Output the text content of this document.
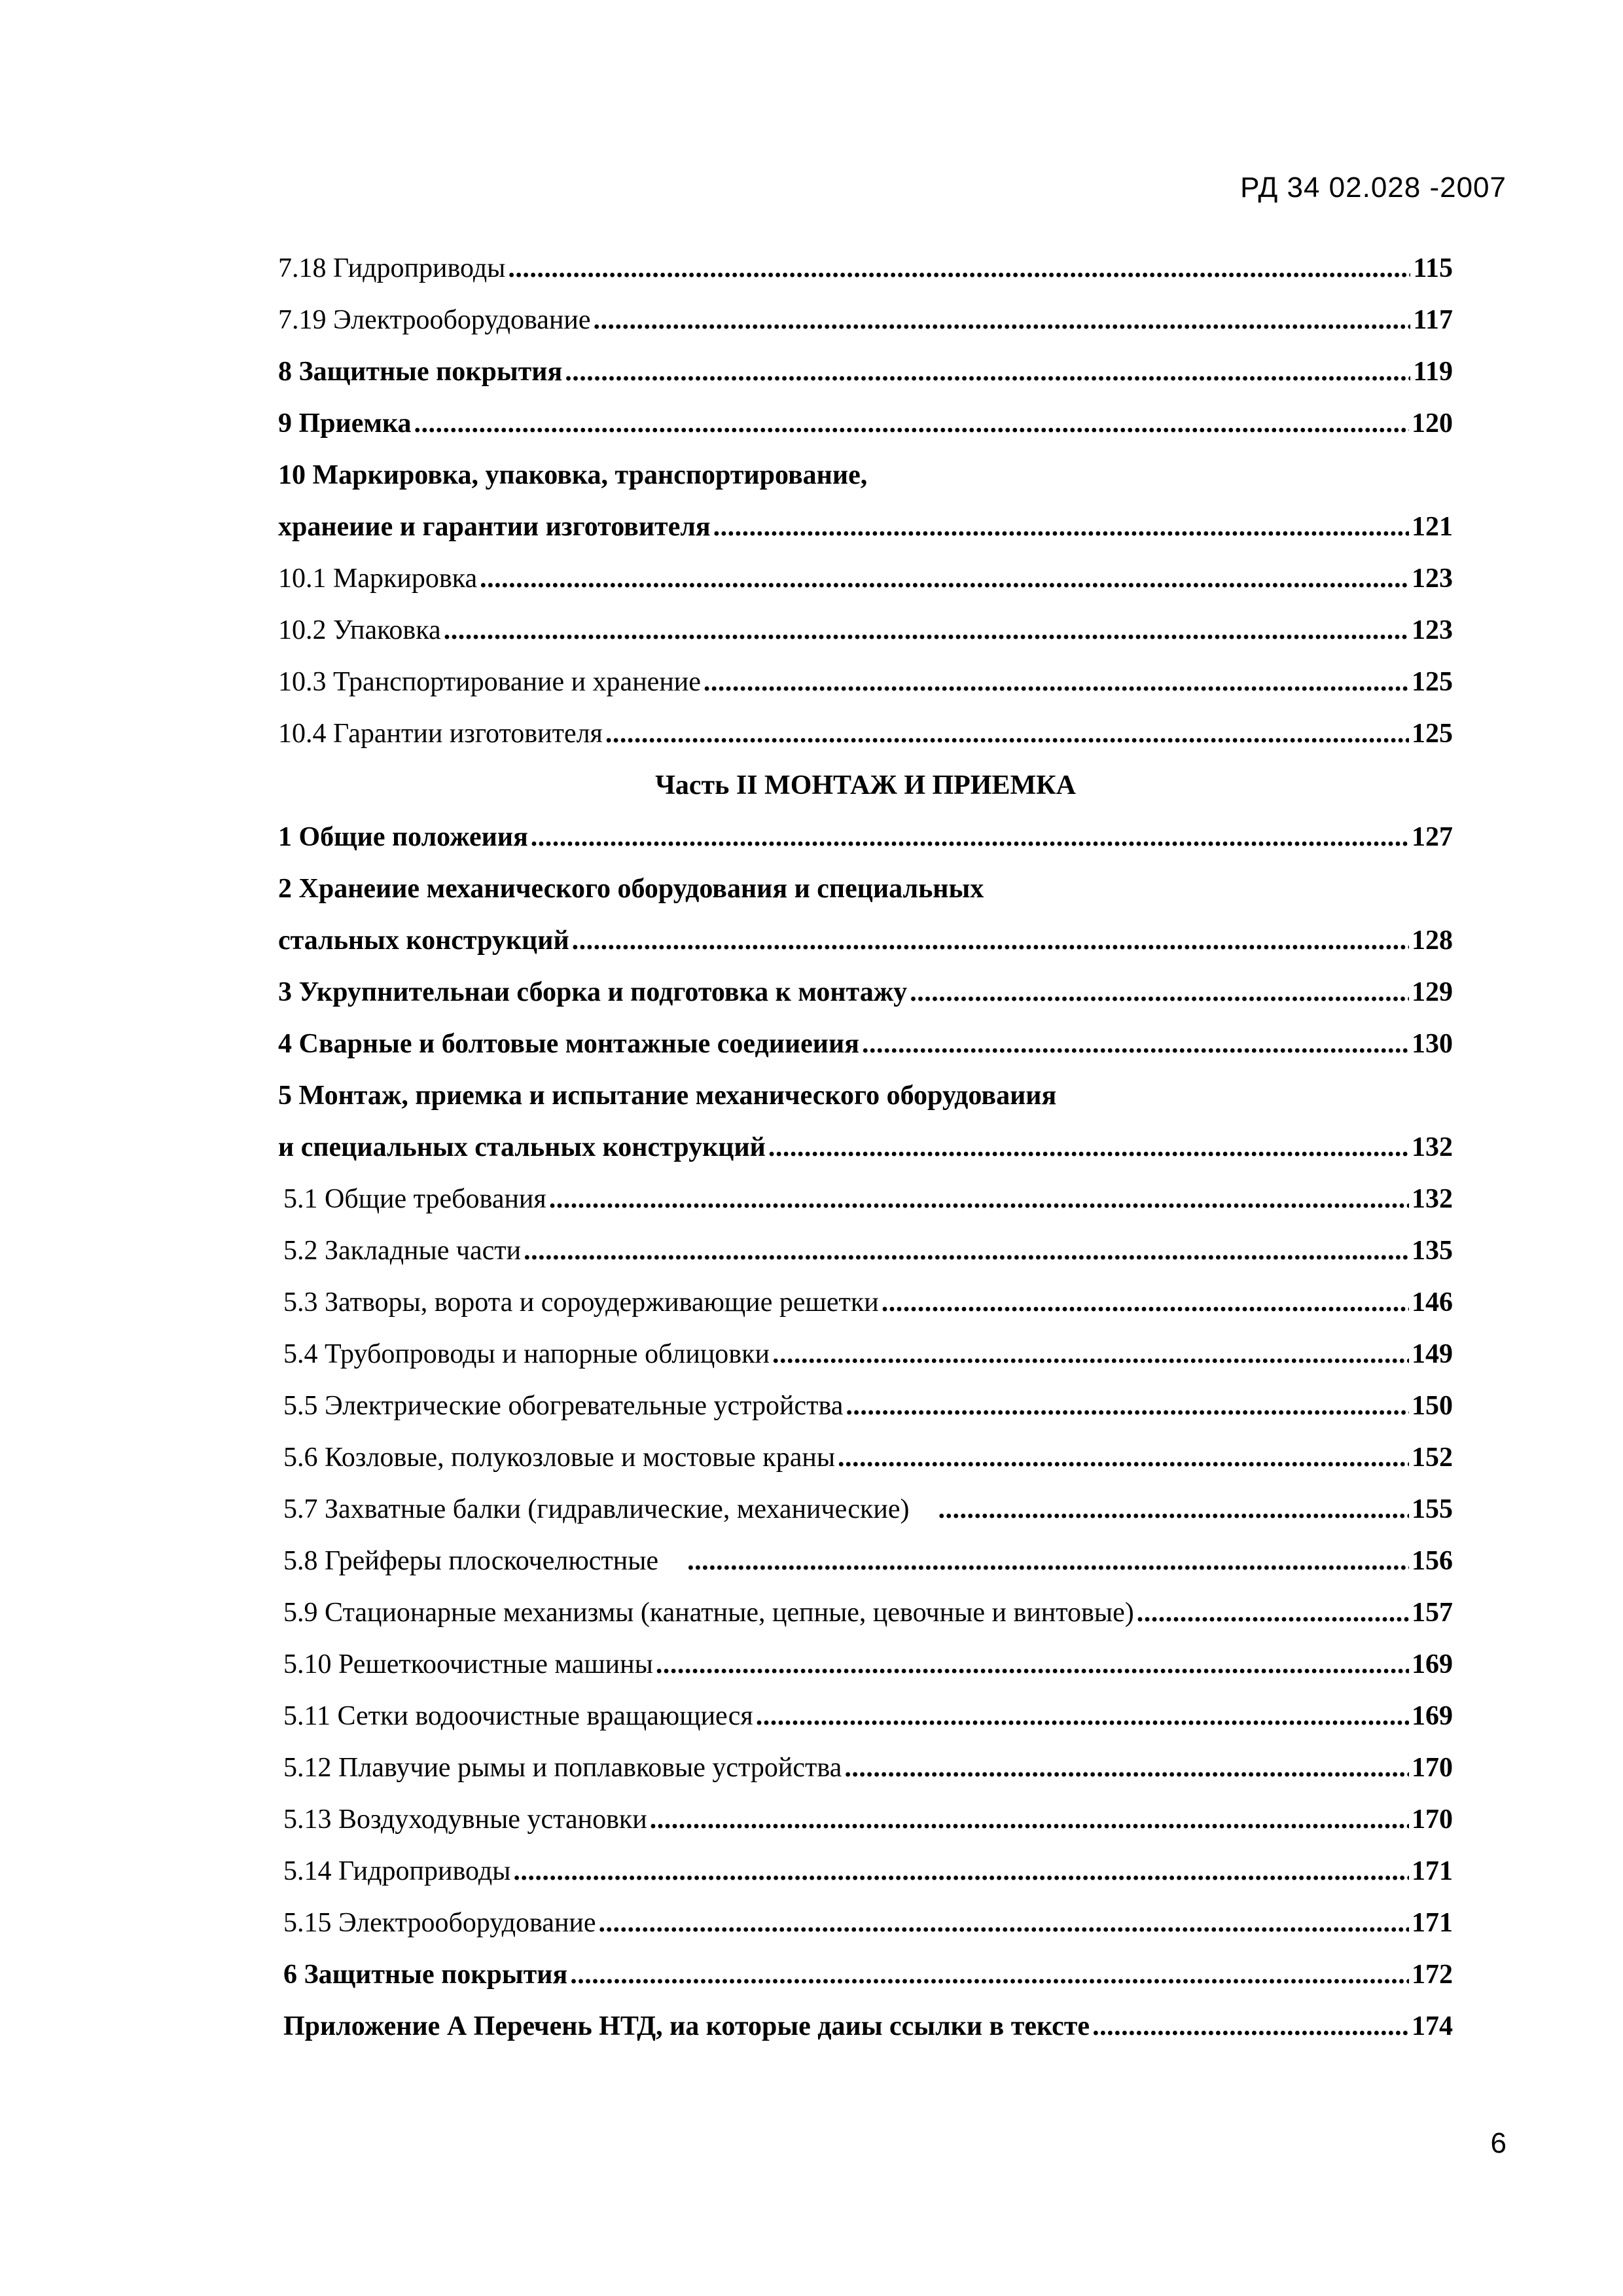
РД 34 02.028 -2007
7.18 Гидроприводы . . .	115
7.19 Электрооборудование . . .	117
8 Защитные покрытия . . .	119
9 Приемка . . .	120
10 Маркировка, упаковка, транспортирование,
хранеиие и гарантии изготовителя . . .	121
10.1 Маркировка . . .	123
10.2 Упаковка . . .	123
10.3 Транспортирование и хранение . . .	125
10.4 Гарантии изготовителя . . .	125
Часть II МОНТАЖ И ПРИЕМКА
1 Общие положеиия . . .	127
2 Хранеиие механического оборудования и специальных
стальных конструкций . . .	128
3 Укрупнительнаи сборка и подготовка к монтажу . . .	129
4 Сварные и болтовые монтажные соедииеиия . . .	130
5 Монтаж, приемка и испытание механического оборудоваиия
и специальных стальных конструкций . . .	132
5.1 Общие требования . . .	132
5.2 Закладные части . . .	135
5.3 Затворы, ворота и сороудерживающие решетки . . .	146
5.4 Трубопроводы и напорные облицовки . . .	149
5.5 Электрические обогревательные устройства . . .	150
5.6 Козловые, полукозловые и мостовые краны . . .	152
5.7 Захватные балки (гидравлические, механические) . . .	155
5.8 Грейферы плоскочелюстные . . .	156
5.9 Стационарные механизмы (канатные, цепные, цевочные и винтовые) . . .	157
5.10 Решеткоочистные машины . . .	169
5.11 Сетки водоочистные вращающиеся . . .	169
5.12 Плавучие рымы и поплавковые устройства . . .	170
5.13 Воздуходувные установки . . .	170
5.14 Гидроприводы . . .	171
5.15 Электрооборудование . . .	171
6 Защитные покрытия . . .	172
Приложение А Перечень НТД, иа которые даиы ссылки в тексте . . .	174
6
